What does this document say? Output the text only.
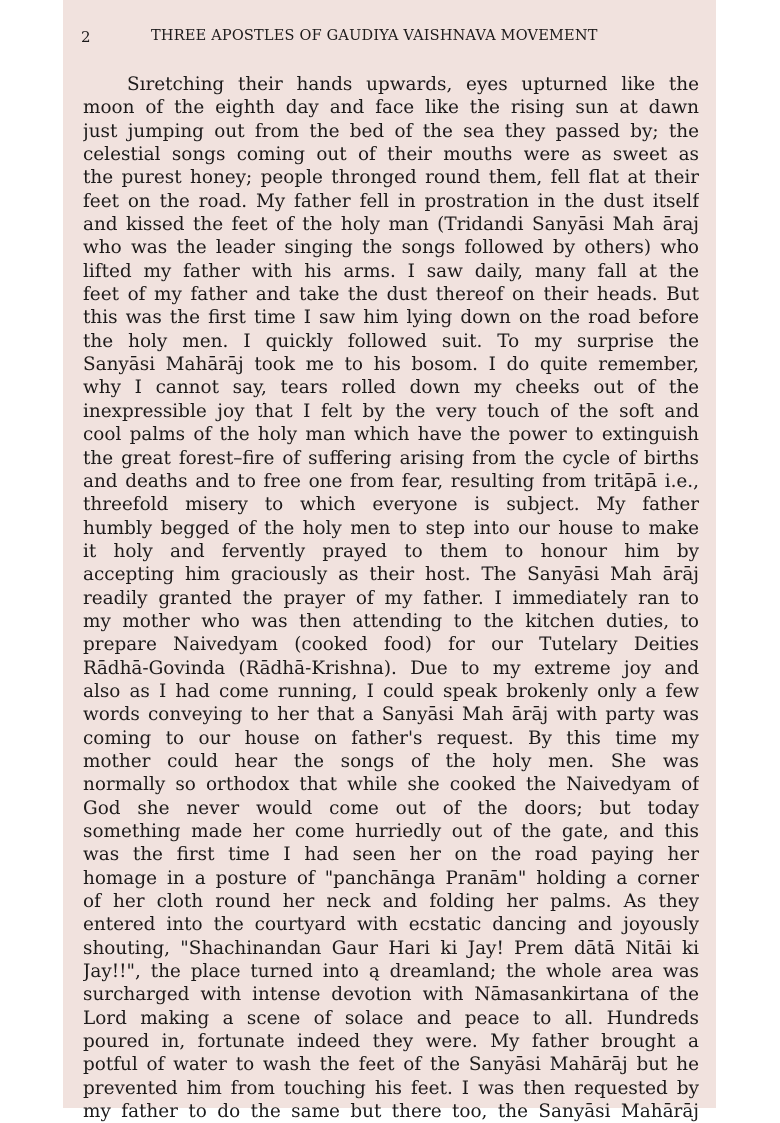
2	THREE APOSTLES OF GAUDIYA VAISHNAVA MOVEMENT
Sıretching their hands upwards, eyes upturned like the
moon of the eighth day and face like the rising sun at dawn
just jumping out from the bed of the sea they passed by; the
celestial songs coming out of their mouths were as sweet as
the purest honey; people thronged round them, fell flat at their
feet on the road. My father fell in prostration in the dust itself
and kissed the feet of the holy man (Tridandi Sanyāsi Mah āraj
who was the leader singing the songs followed by others) who
lifted my father with his arms. I saw daily, many fall at the
feet of my father and take the dust thereof on their heads. But
this was the first time I saw him lying down on the road before
the holy men. I quickly followed suit. To my surprise the
Sanyāsi Mahārāj took me to his bosom. I do quite remember,
why I cannot say, tears rolled down my cheeks out of the
inexpressible joy that I felt by the very touch of the soft and
cool palms of the holy man which have the power to extinguish
the great forest–fire of suffering arising from the cycle of births
and deaths and to free one from fear, resulting from tritāpā i.e.,
threefold misery to which everyone is subject. My father
humbly begged of the holy men to step into our house to make
it holy and fervently prayed to them to honour him by
accepting him graciously as their host. The Sanyāsi Mah ārāj
readily granted the prayer of my father. I immediately ran to
my mother who was then attending to the kitchen duties, to
prepare Naivedyam (cooked food) for our Tutelary Deities
Rādhā-Govinda (Rādhā-Krishna). Due to my extreme joy and
also as I had come running, I could speak brokenly only a few
words conveying to her that a Sanyāsi Mah ārāj with party was
coming to our house on father's request. By this time my
mother could hear the songs of the holy men. She was
normally so orthodox that while she cooked the Naivedyam of
God she never would come out of the doors; but today
something made her come hurriedly out of the gate, and this
was the first time I had seen her on the road paying her
homage in a posture of "panchānga Pranām" holding a corner
of her cloth round her neck and folding her palms. As they
entered into the courtyard with ecstatic dancing and joyously
shouting, "Shachinandan Gaur Hari ki Jay! Prem dātā Nitāi ki
Jay!!", the place turned into ą dreamland; the whole area was
surcharged with intense devotion with Nāmasankirtana of the
Lord making a scene of solace and peace to all. Hundreds
poured in, fortunate indeed they were. My father brought a
potful of water to wash the feet of the Sanyāsi Mahārāj but he
prevented him from touching his feet. I was then requested by
my father to do the same but there too, the Sanyāsi Mahārāj
